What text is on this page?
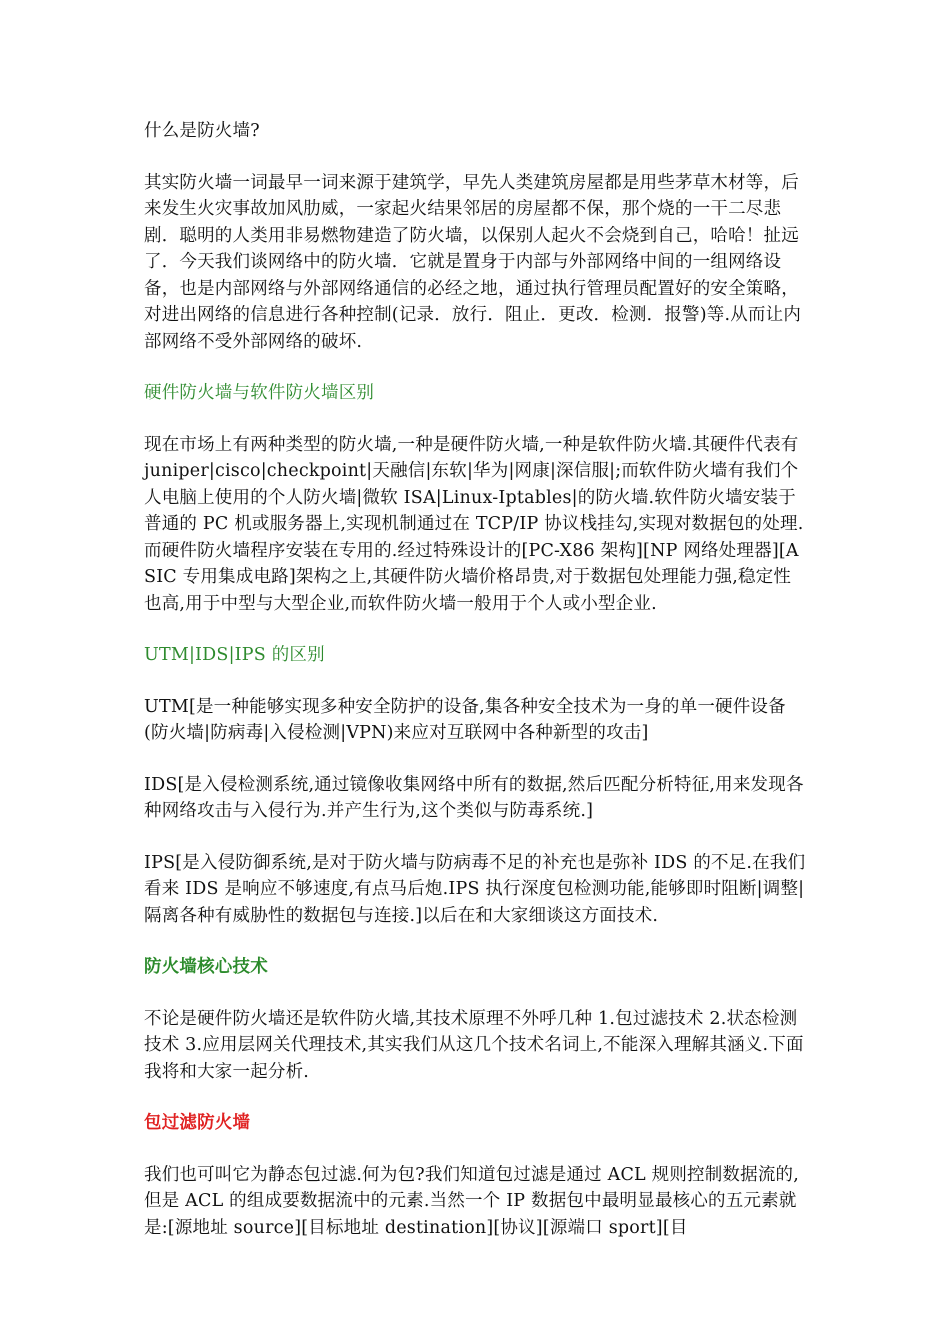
什么是防火墙?

其实防火墙一词最早一词来源于建筑学，早先人类建筑房屋都是用些茅草木材等，后来发生火灾事故加风肋威，一家起火结果邻居的房屋都不保，那个烧的一干二尽悲剧．聪明的人类用非易燃物建造了防火墙，以保别人起火不会烧到自己，哈哈！扯远了．今天我们谈网络中的防火墙．它就是置身于内部与外部网络中间的一组网络设备，也是内部网络与外部网络通信的必经之地，通过执行管理员配置好的安全策略，对进出网络的信息进行各种控制(记录．放行．阻止．更改．检测．报警)等.从而让内部网络不受外部网络的破坏.

硬件防火墙与软件防火墙区别

现在市场上有两种类型的防火墙,一种是硬件防火墙,一种是软件防火墙.其硬件代表有 juniper|cisco|checkpoint|天融信|东软|华为|网康|深信服|;而软件防火墙有我们个人电脑上使用的个人防火墙|微软 ISA|Linux-Iptables|的防火墙.软件防火墙安装于普通的 PC 机或服务器上,实现机制通过在 TCP/IP 协议栈挂勾,实现对数据包的处理.而硬件防火墙程序安装在专用的.经过特殊设计的[PC-X86 架构][NP 网络处理器][ASIC 专用集成电路]架构之上,其硬件防火墙价格昂贵,对于数据包处理能力强,稳定性也高,用于中型与大型企业,而软件防火墙一般用于个人或小型企业.

UTM|IDS|IPS 的区别

UTM[是一种能够实现多种安全防护的设备,集各种安全技术为一身的单一硬件设备(防火墙|防病毒|入侵检测|VPN)来应对互联网中各种新型的攻击]

IDS[是入侵检测系统,通过镜像收集网络中所有的数据,然后匹配分析特征,用来发现各种网络攻击与入侵行为.并产生行为,这个类似与防毒系统.]

IPS[是入侵防御系统,是对于防火墙与防病毒不足的补充也是弥补 IDS 的不足.在我们看来 IDS 是响应不够速度,有点马后炮.IPS 执行深度包检测功能,能够即时阻断|调整|隔离各种有威胁性的数据包与连接.]以后在和大家细谈这方面技术.

防火墙核心技术

不论是硬件防火墙还是软件防火墙,其技术原理不外呼几种 1.包过滤技术 2.状态检测技术 3.应用层网关代理技术,其实我们从这几个技术名词上,不能深入理解其涵义.下面我将和大家一起分析.

包过滤防火墙

我们也可叫它为静态包过滤.何为包?我们知道包过滤是通过 ACL 规则控制数据流的,但是 ACL 的组成要数据流中的元素.当然一个 IP 数据包中最明显最核心的五元素就是:[源地址 source][目标地址 destination][协议][源端口 sport][目
